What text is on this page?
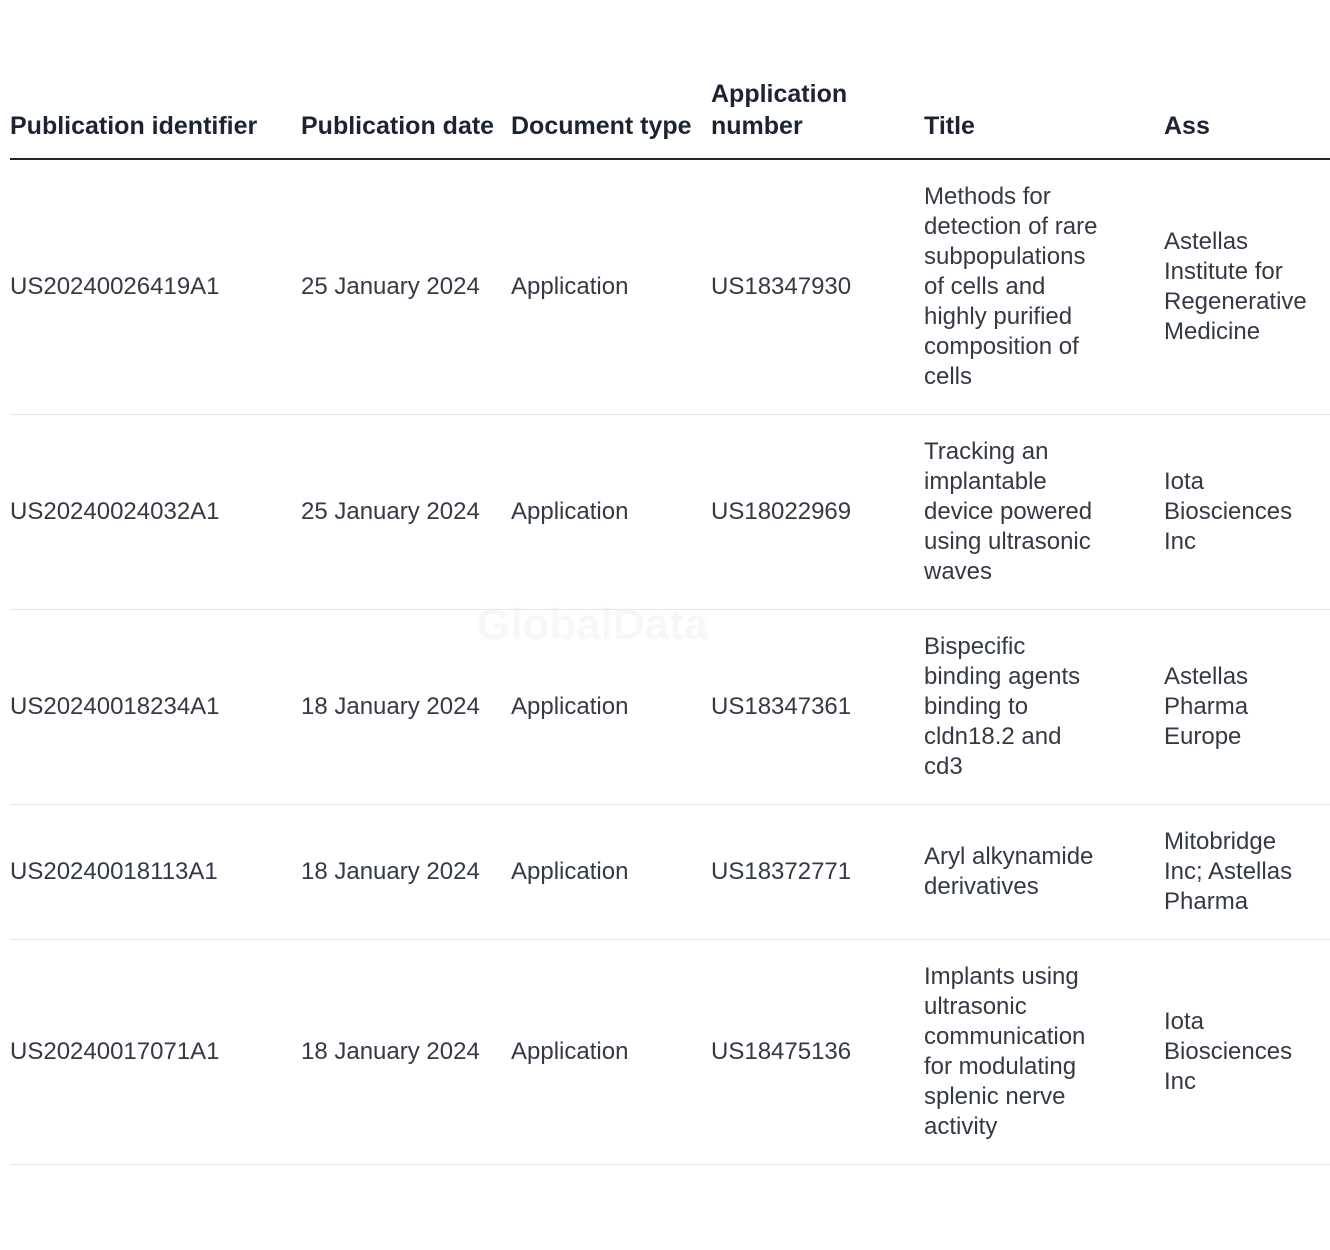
GlobalData
Publication identifier	Publication date	Document type	Application number	Title	Ass
US20240026419A1	25 January 2024	Application	US18347930	Methods for detection of rare subpopulations of cells and highly purified composition of cells	Astellas Institute for Regenerative Medicine
US20240024032A1	25 January 2024	Application	US18022969	Tracking an implantable device powered using ultrasonic waves	Iota Biosciences Inc
US20240018234A1	18 January 2024	Application	US18347361	Bispecific binding agents binding to cldn18.2 and cd3	Astellas Pharma Europe
US20240018113A1	18 January 2024	Application	US18372771	Aryl alkynamide derivatives	Mitobridge Inc; Astellas Pharma
US20240017071A1	18 January 2024	Application	US18475136	Implants using ultrasonic communication for modulating splenic nerve activity	Iota Biosciences Inc
